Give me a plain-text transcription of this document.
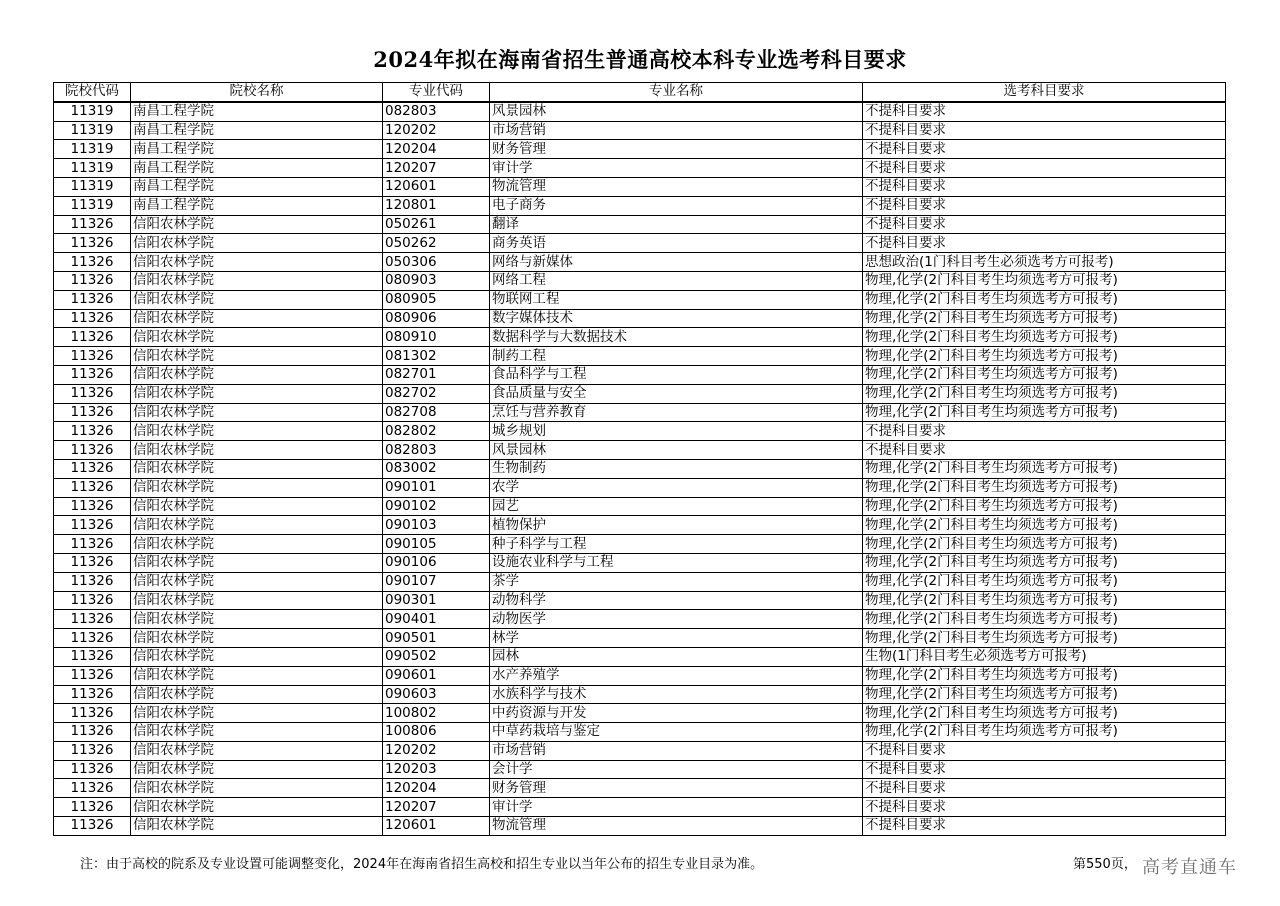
2024年拟在海南省招生普通高校本科专业选考科目要求
院校代码	院校名称	专业代码	专业名称	选考科目要求
11319	南昌工程学院	082803	风景园林	不提科目要求
11319	南昌工程学院	120202	市场营销	不提科目要求
11319	南昌工程学院	120204	财务管理	不提科目要求
11319	南昌工程学院	120207	审计学	不提科目要求
11319	南昌工程学院	120601	物流管理	不提科目要求
11319	南昌工程学院	120801	电子商务	不提科目要求
11326	信阳农林学院	050261	翻译	不提科目要求
11326	信阳农林学院	050262	商务英语	不提科目要求
11326	信阳农林学院	050306	网络与新媒体	思想政治(1门科目考生必须选考方可报考)
11326	信阳农林学院	080903	网络工程	物理,化学(2门科目考生均须选考方可报考)
11326	信阳农林学院	080905	物联网工程	物理,化学(2门科目考生均须选考方可报考)
11326	信阳农林学院	080906	数字媒体技术	物理,化学(2门科目考生均须选考方可报考)
11326	信阳农林学院	080910	数据科学与大数据技术	物理,化学(2门科目考生均须选考方可报考)
11326	信阳农林学院	081302	制药工程	物理,化学(2门科目考生均须选考方可报考)
11326	信阳农林学院	082701	食品科学与工程	物理,化学(2门科目考生均须选考方可报考)
11326	信阳农林学院	082702	食品质量与安全	物理,化学(2门科目考生均须选考方可报考)
11326	信阳农林学院	082708	烹饪与营养教育	物理,化学(2门科目考生均须选考方可报考)
11326	信阳农林学院	082802	城乡规划	不提科目要求
11326	信阳农林学院	082803	风景园林	不提科目要求
11326	信阳农林学院	083002	生物制药	物理,化学(2门科目考生均须选考方可报考)
11326	信阳农林学院	090101	农学	物理,化学(2门科目考生均须选考方可报考)
11326	信阳农林学院	090102	园艺	物理,化学(2门科目考生均须选考方可报考)
11326	信阳农林学院	090103	植物保护	物理,化学(2门科目考生均须选考方可报考)
11326	信阳农林学院	090105	种子科学与工程	物理,化学(2门科目考生均须选考方可报考)
11326	信阳农林学院	090106	设施农业科学与工程	物理,化学(2门科目考生均须选考方可报考)
11326	信阳农林学院	090107	茶学	物理,化学(2门科目考生均须选考方可报考)
11326	信阳农林学院	090301	动物科学	物理,化学(2门科目考生均须选考方可报考)
11326	信阳农林学院	090401	动物医学	物理,化学(2门科目考生均须选考方可报考)
11326	信阳农林学院	090501	林学	物理,化学(2门科目考生均须选考方可报考)
11326	信阳农林学院	090502	园林	生物(1门科目考生必须选考方可报考)
11326	信阳农林学院	090601	水产养殖学	物理,化学(2门科目考生均须选考方可报考)
11326	信阳农林学院	090603	水族科学与技术	物理,化学(2门科目考生均须选考方可报考)
11326	信阳农林学院	100802	中药资源与开发	物理,化学(2门科目考生均须选考方可报考)
11326	信阳农林学院	100806	中草药栽培与鉴定	物理,化学(2门科目考生均须选考方可报考)
11326	信阳农林学院	120202	市场营销	不提科目要求
11326	信阳农林学院	120203	会计学	不提科目要求
11326	信阳农林学院	120204	财务管理	不提科目要求
11326	信阳农林学院	120207	审计学	不提科目要求
11326	信阳农林学院	120601	物流管理	不提科目要求
注：由于高校的院系及专业设置可能调整变化，2024年在海南省招生高校和招生专业以当年公布的招生专业目录为准。	第550页， 高考直通车
